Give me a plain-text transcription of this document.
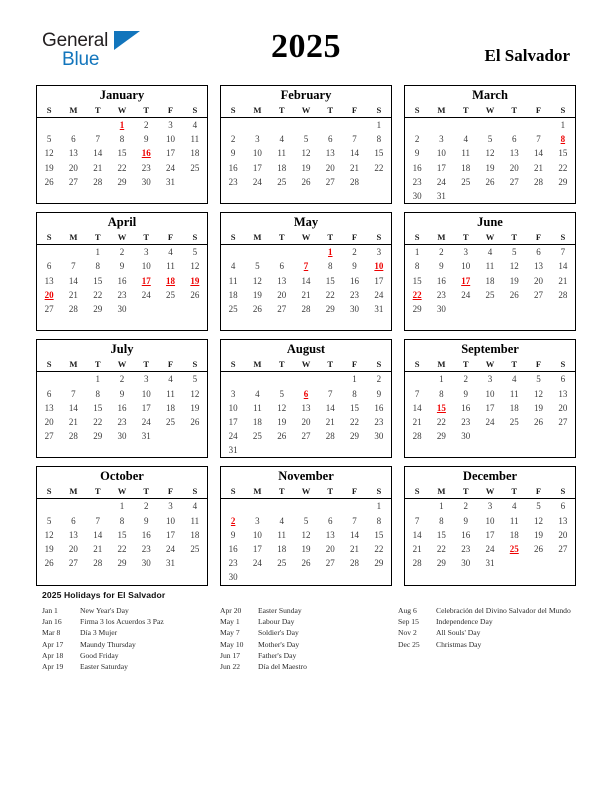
General
Blue	2025	El Salvador
January
S	M	T	W	T	F	S
			1	2	3	4
5	6	7	8	9	10	11
12	13	14	15	16	17	18
19	20	21	22	23	24	25
26	27	28	29	30	31	

February
S	M	T	W	T	F	S
						1
2	3	4	5	6	7	8
9	10	11	12	13	14	15
16	17	18	19	20	21	22
23	24	25	26	27	28	

March
S	M	T	W	T	F	S
						1
2	3	4	5	6	7	8
9	10	11	12	13	14	15
16	17	18	19	20	21	22
23	24	25	26	27	28	29
30	31					
April
S	M	T	W	T	F	S
		1	2	3	4	5
6	7	8	9	10	11	12
13	14	15	16	17	18	19
20	21	22	23	24	25	26
27	28	29	30			

May
S	M	T	W	T	F	S
				1	2	3
4	5	6	7	8	9	10
11	12	13	14	15	16	17
18	19	20	21	22	23	24
25	26	27	28	29	30	31

June
S	M	T	W	T	F	S
1	2	3	4	5	6	7
8	9	10	11	12	13	14
15	16	17	18	19	20	21
22	23	24	25	26	27	28
29	30					

July
S	M	T	W	T	F	S
		1	2	3	4	5
6	7	8	9	10	11	12
13	14	15	16	17	18	19
20	21	22	23	24	25	26
27	28	29	30	31		

August
S	M	T	W	T	F	S
					1	2
3	4	5	6	7	8	9
10	11	12	13	14	15	16
17	18	19	20	21	22	23
24	25	26	27	28	29	30
31						
September
S	M	T	W	T	F	S
	1	2	3	4	5	6
7	8	9	10	11	12	13
14	15	16	17	18	19	20
21	22	23	24	25	26	27
28	29	30				

October
S	M	T	W	T	F	S
			1	2	3	4
5	6	7	8	9	10	11
12	13	14	15	16	17	18
19	20	21	22	23	24	25
26	27	28	29	30	31	

November
S	M	T	W	T	F	S
						1
2	3	4	5	6	7	8
9	10	11	12	13	14	15
16	17	18	19	20	21	22
23	24	25	26	27	28	29
30						
December
S	M	T	W	T	F	S
	1	2	3	4	5	6
7	8	9	10	11	12	13
14	15	16	17	18	19	20
21	22	23	24	25	26	27
28	29	30	31			

2025 Holidays for El Salvador
Jan 1	New Year's Day
Jan 16	Firma 3 los Acuerdos 3 Paz
Mar 8	Día 3 Mujer
Apr 17	Maundy Thursday
Apr 18	Good Friday
Apr 19	Easter Saturday
Apr 20	Easter Sunday
May 1	Labour Day
May 7	Soldier's Day
May 10	Mother's Day
Jun 17	Father's Day
Jun 22	Día del Maestro
Aug 6	Celebración del Divino Salvador del Mundo
Sep 15	Independence Day
Nov 2	All Souls' Day
Dec 25	Christmas Day
